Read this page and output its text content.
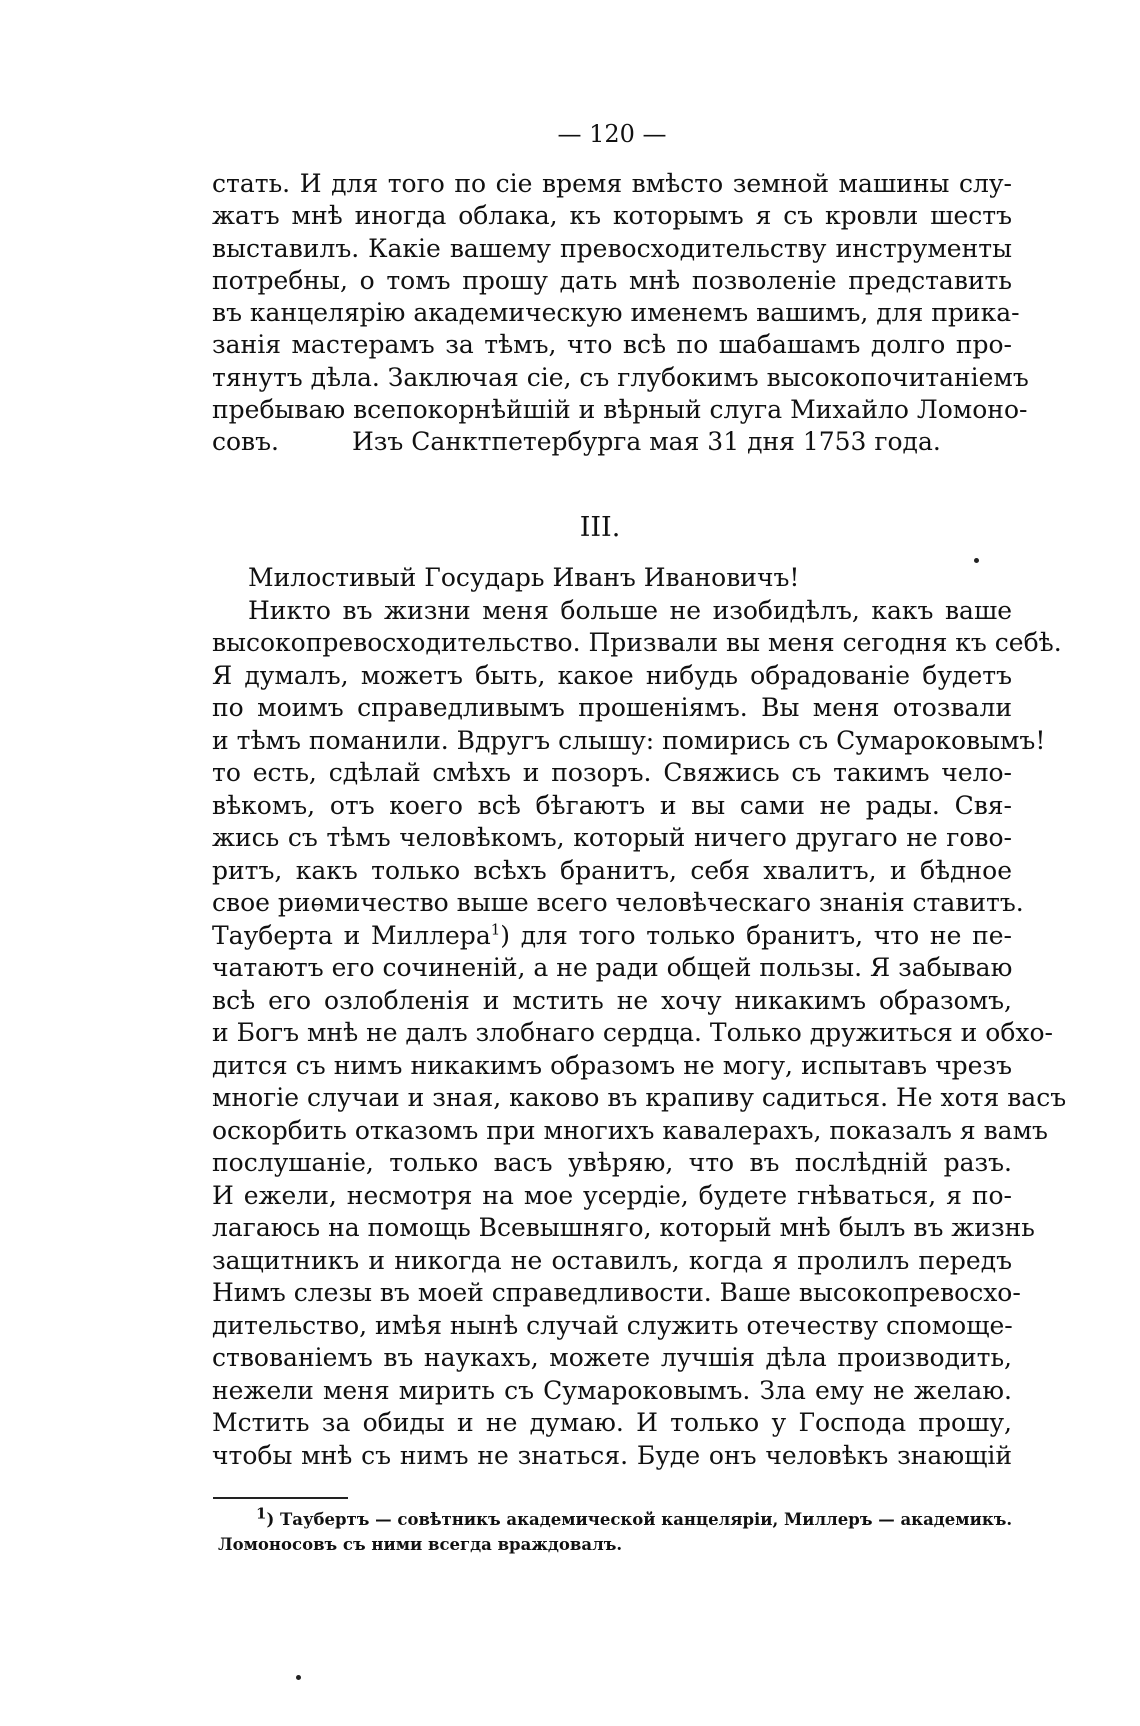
— 120 —
стать. И для того по сіе время вмѣсто земной машины слу-
жатъ мнѣ иногда облака, къ которымъ я съ кровли шестъ
выставилъ. Какіе вашему превосходительству инструменты
потребны, о томъ прошу дать мнѣ позволеніе представить
въ канцелярію академическую именемъ вашимъ, для прика-
занія мастерамъ за тѣмъ, что всѣ по шабашамъ долго про-
тянутъ дѣла. Заключая сіе, съ глубокимъ высокопочитаніемъ
пребываю всепокорнѣйшій и вѣрный слуга Михайло Ломоно-
совъ.	Изъ Санктпетербурга мая 31 дня 1753 года.
III.
Милостивый Государь Иванъ Ивановичъ!
Никто въ жизни меня больше не изобидѣлъ, какъ ваше
высокопревосходительство. Призвали вы меня сегодня къ себѣ.
Я думалъ, можетъ быть, какое нибудь обрадованіе будетъ
по моимъ справедливымъ прошеніямъ. Вы меня отозвали
и тѣмъ поманили. Вдругъ слышу: помирись съ Сумароковымъ!
то есть, сдѣлай смѣхъ и позоръ. Свяжись съ такимъ чело-
вѣкомъ, отъ коего всѣ бѣгаютъ и вы сами не рады. Свя-
жись съ тѣмъ человѣкомъ, который ничего другаго не гово-
ритъ, какъ только всѣхъ бранитъ, себя хвалитъ, и бѣдное
свое риѳмичество выше всего человѣческаго знанія ставитъ.
Тауберта и Миллера$^1$) для того только бранитъ, что не пе-
чатаютъ его сочиненій, а не ради общей пользы. Я забываю
всѣ его озлобленія и мстить не хочу никакимъ образомъ,
и Богъ мнѣ не далъ злобнаго сердца. Только дружиться и обхо-
дится съ нимъ никакимъ образомъ не могу, испытавъ чрезъ
многіе случаи и зная, каково въ крапиву садиться. Не хотя васъ
оскорбить отказомъ при многихъ кавалерахъ, показалъ я вамъ
послушаніе, только васъ увѣряю, что въ послѣдній разъ.
И ежели, несмотря на мое усердіе, будете гнѣваться, я по-
лагаюсь на помощь Всевышняго, который мнѣ былъ въ жизнь
защитникъ и никогда не оставилъ, когда я пролилъ передъ
Нимъ слезы въ моей справедливости. Ваше высокопревосхо-
дительство, имѣя нынѣ случай служить отечеству спомоще-
ствованіемъ въ наукахъ, можете лучшія дѣла производить,
нежели меня мирить съ Сумароковымъ. Зла ему не желаю.
Мстить за обиды и не думаю. И только у Господа прошу,
чтобы мнѣ съ нимъ не знаться. Буде онъ человѣкъ знающій
$^1$) Таубертъ — совѣтникъ академической канцеляріи, Миллеръ — академикъ.
Ломоносовъ съ ними всегда враждовалъ.
